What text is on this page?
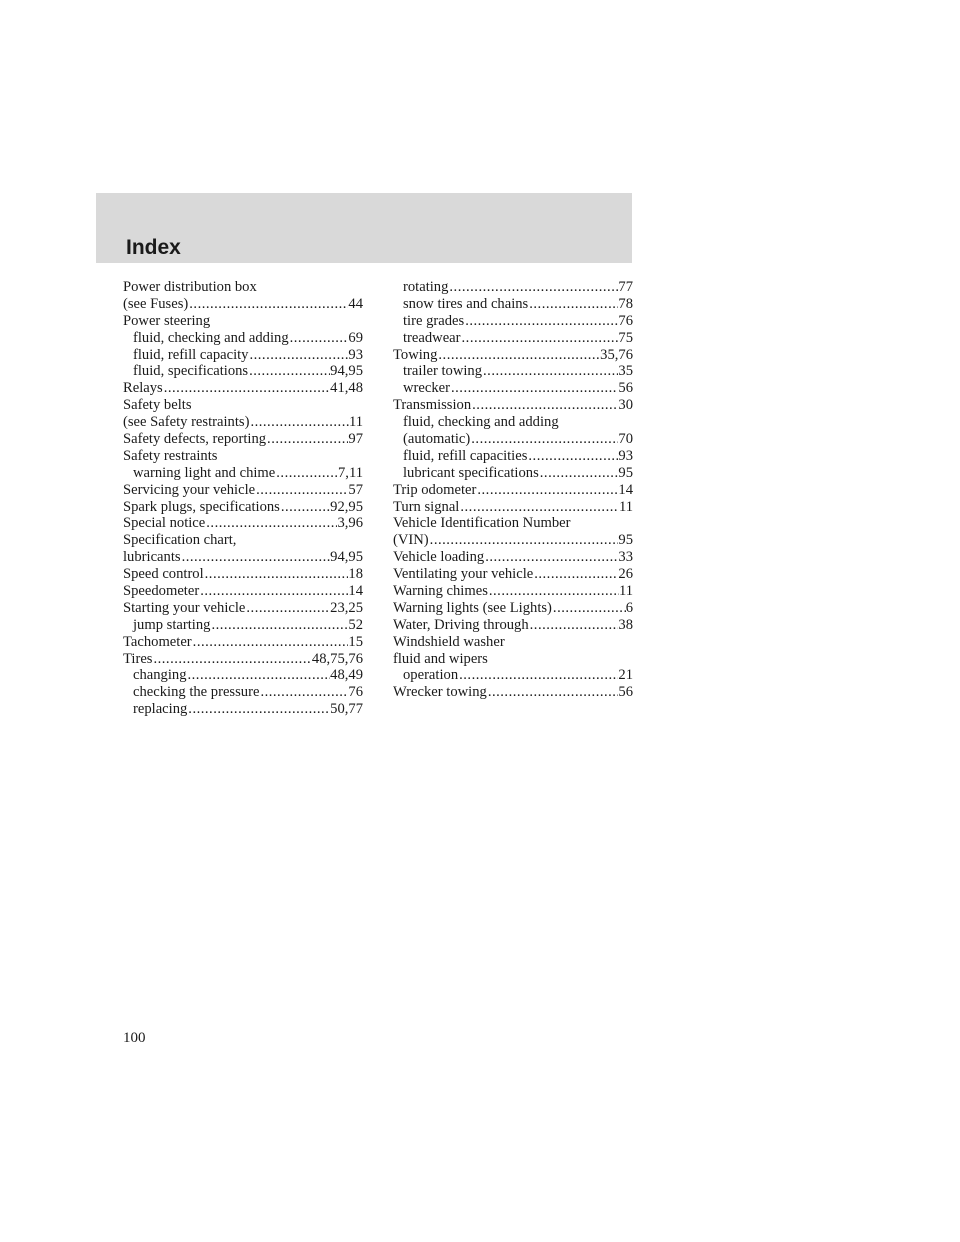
Index
Power distribution box
(see Fuses) .....	44
Power steering
fluid, checking and adding .....	69
fluid, refill capacity .....	93
fluid, specifications .....	94,95
Relays .....	41,48
Safety belts
(see Safety restraints) .....	11
Safety defects, reporting .....	97
Safety restraints
warning light and chime .....	7,11
Servicing your vehicle .....	57
Spark plugs, specifications .....	92,95
Special notice .....	3,96
Specification chart,
lubricants .....	94,95
Speed control .....	18
Speedometer .....	14
Starting your vehicle .....	23,25
jump starting .....	52
Tachometer .....	15
Tires .....	48,75,76
changing .....	48,49
checking the pressure .....	76
replacing .....	50,77
rotating .....	77
snow tires and chains .....	78
tire grades .....	76
treadwear .....	75
Towing .....	35,76
trailer towing .....	35
wrecker .....	56
Transmission .....	30
fluid, checking and adding
(automatic) .....	70
fluid, refill capacities .....	93
lubricant specifications .....	95
Trip odometer .....	14
Turn signal .....	11
Vehicle Identification Number
(VIN) .....	95
Vehicle loading .....	33
Ventilating your vehicle .....	26
Warning chimes .....	11
Warning lights (see Lights) .....	6
Water, Driving through .....	38
Windshield washer
fluid and wipers
operation .....	21
Wrecker towing .....	56
100
